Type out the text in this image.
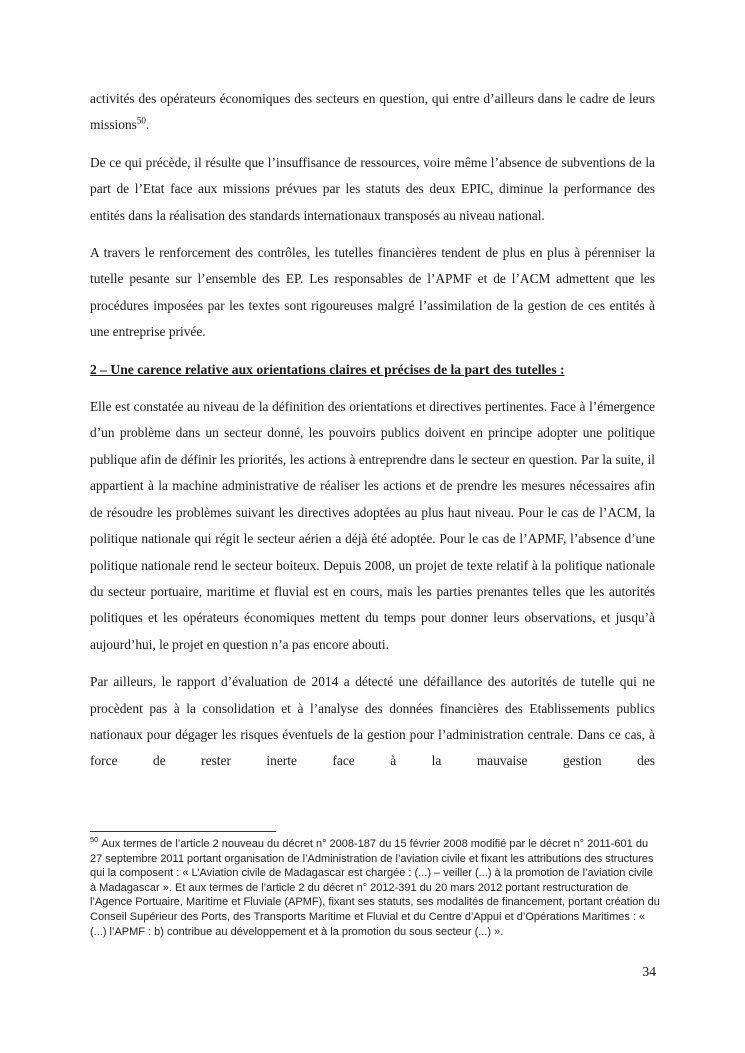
activités des opérateurs économiques des secteurs en question, qui entre d’ailleurs dans le cadre de leurs missions$^{50}$.

De ce qui précède, il résulte que l’insuffisance de ressources, voire même l’absence de subventions de la part de l’Etat face aux missions prévues par les statuts des deux EPIC, diminue la performance des entités dans la réalisation des standards internationaux transposés au niveau national.

A travers le renforcement des contrôles, les tutelles financières tendent de plus en plus à pérenniser la tutelle pesante sur l’ensemble des EP. Les responsables de l’APMF et de l’ACM admettent que les procédures imposées par les textes sont rigoureuses malgré l’assimilation de la gestion de ces entités à une entreprise privée.

2 – Une carence relative aux orientations claires et précises de la part des tutelles :

Elle est constatée au niveau de la définition des orientations et directives pertinentes. Face à l’émergence d’un problème dans un secteur donné, les pouvoirs publics doivent en principe adopter une politique publique afin de définir les priorités, les actions à entreprendre dans le secteur en question. Par la suite, il appartient à la machine administrative de réaliser les actions et de prendre les mesures nécessaires afin de résoudre les problèmes suivant les directives adoptées au plus haut niveau. Pour le cas de l’ACM, la politique nationale qui régit le secteur aérien a déjà été adoptée. Pour le cas de l’APMF, l’absence d’une politique nationale rend le secteur boiteux. Depuis 2008, un projet de texte relatif à la politique nationale du secteur portuaire, maritime et fluvial est en cours, mais les parties prenantes telles que les autorités politiques et les opérateurs économiques mettent du temps pour donner leurs observations, et jusqu’à aujourd’hui, le projet en question n’a pas encore abouti.

Par ailleurs, le rapport d’évaluation de 2014 a détecté une défaillance des autorités de tutelle qui ne procèdent pas à la consolidation et à l’analyse des données financières des Etablissements publics nationaux pour dégager les risques éventuels de la gestion pour l’administration centrale. Dans ce cas, à force de rester inerte face à la mauvaise gestion des

$^{50}$ Aux termes de l’article 2 nouveau du décret n° 2008-187 du 15 février 2008 modifié par le décret n° 2011-601 du 27 septembre 2011 portant organisation de l’Administration de l’aviation civile et fixant les attributions des structures qui la composent : « L’Aviation civile de Madagascar est chargée : (...) – veiller (...) à la promotion de l’aviation civile à Madagascar ». Et aux termes de l’article 2 du décret n° 2012-391 du 20 mars 2012 portant restructuration de l’Agence Portuaire, Maritime et Fluviale (APMF), fixant ses statuts, ses modalités de financement, portant création du Conseil Supérieur des Ports, des Transports Maritime et Fluvial et du Centre d’Appui et d’Opérations Maritimes : « (...) l’APMF : b) contribue au développement et à la promotion du sous secteur (...) ».
34
